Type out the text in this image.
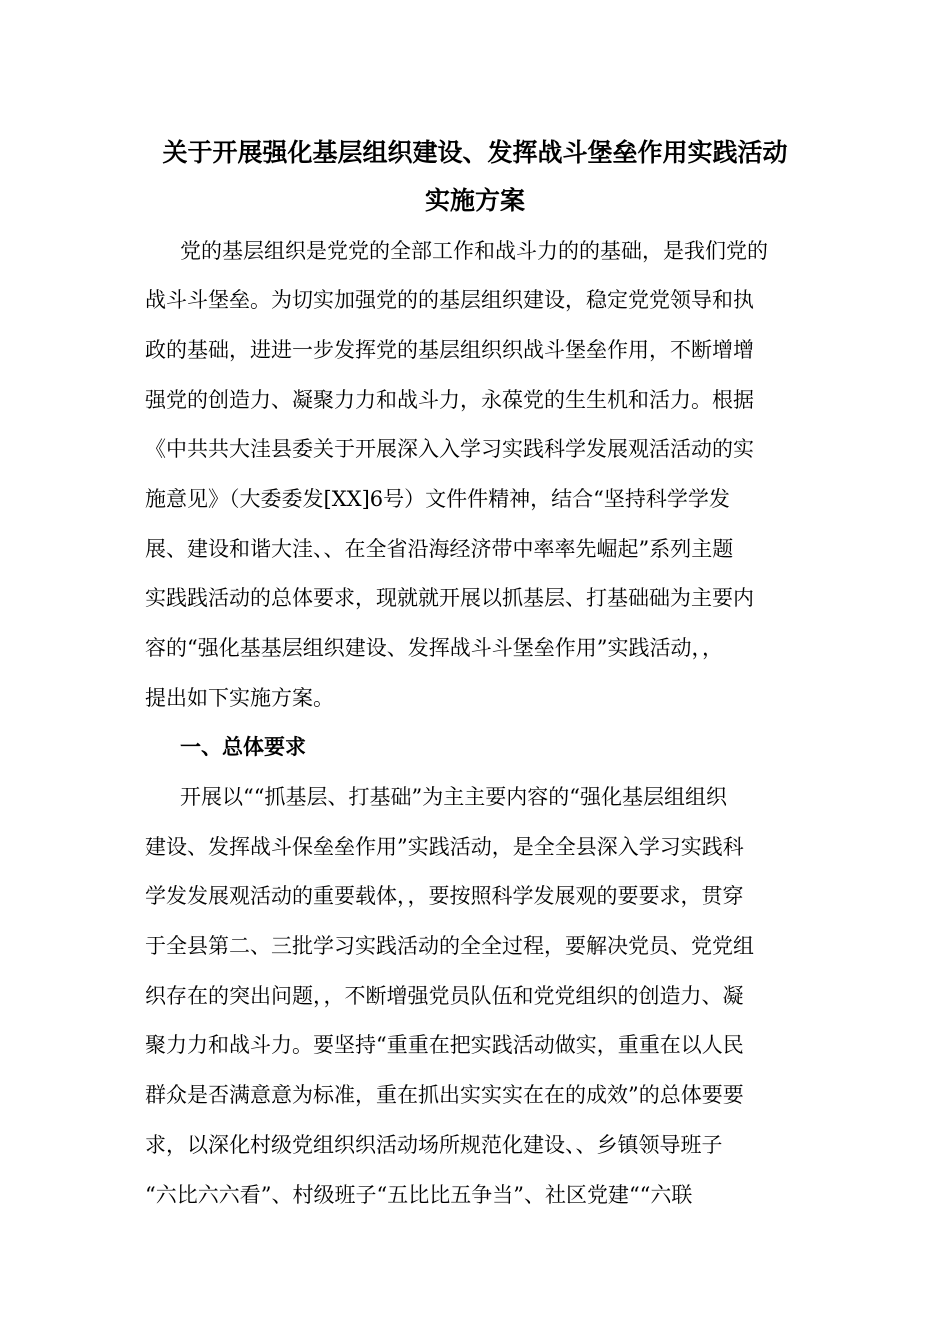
关于开展强化基层组织建设、发挥战斗堡垒作用实践活动
实施方案
党的基层组织是党党的全部工作和战斗力的的基础，是我们党的
战斗斗堡垒。为切实加强党的的基层组织建设，稳定党党领导和执
政的基础，进进一步发挥党的基层组织织战斗堡垒作用，不断增增
强党的创造力、凝聚力力和战斗力，永葆党的生生机和活力。根据
《中共共大洼县委关于开展深入入学习实践科学发展观活活动的实
施意见》（大委委发[XX]6号）文件件精神，结合“坚持科学学发
展、建设和谐大洼、、在全省沿海经济带中率率先崛起”系列主题
实践践活动的总体要求，现就就开展以抓基层、打基础础为主要内
容的“强化基基层组织建设、发挥战斗斗堡垒作用”实践活动，，
提出如下实施方案。
一、总体要求
开展以““抓基层、打基础”为主主要内容的“强化基层组组织
建设、发挥战斗保垒垒作用”实践活动，是全全县深入学习实践科
学发发展观活动的重要载体，，要按照科学发展观的要要求，贯穿
于全县第二、三批学习实践活动的全全过程，要解决党员、党党组
织存在的突出问题，，不断增强党员队伍和党党组织的创造力、凝
聚力力和战斗力。要坚持“重重在把实践活动做实，重重在以人民
群众是否满意意为标准，重在抓出实实实在在的成效”的总体要要
求，以深化村级党组织织活动场所规范化建设、、乡镇领导班子
“六比六六看”、村级班子“五比比五争当”、社区党建““六联
